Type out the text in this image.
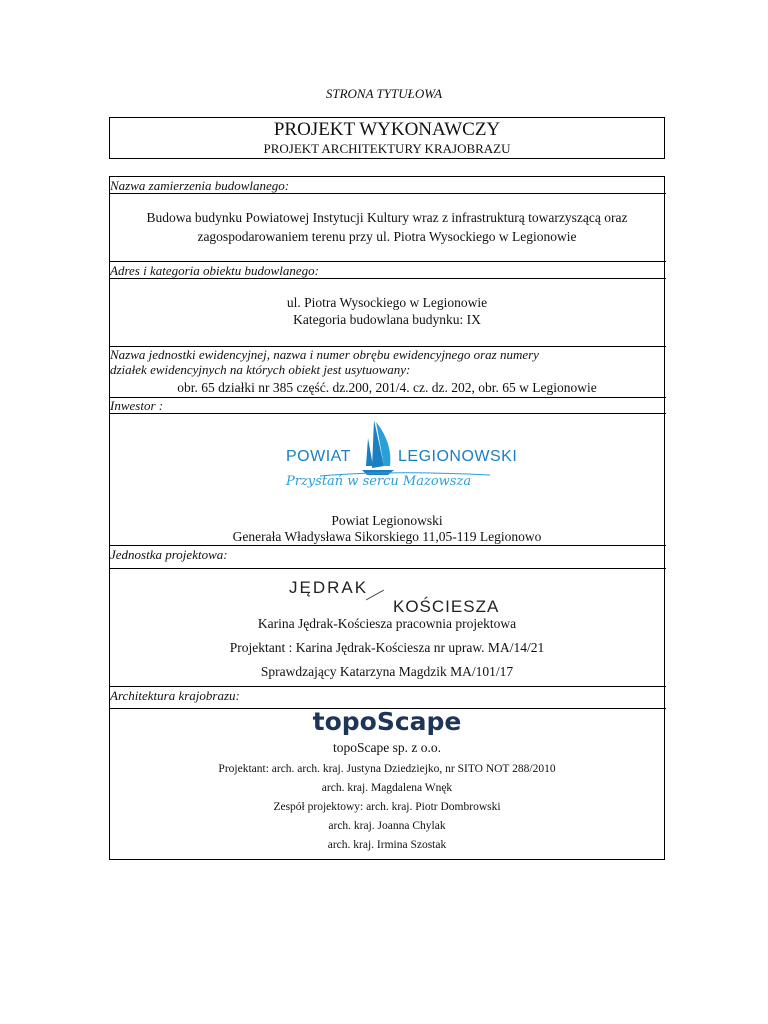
STRONA TYTUŁOWA
PROJEKT WYKONAWCZY
PROJEKT ARCHITEKTURY KRAJOBRAZU
Nazwa zamierzenia budowlanego:
Budowa budynku Powiatowej Instytucji Kultury wraz z infrastrukturą towarzyszącą oraz
zagospodarowaniem terenu przy ul. Piotra Wysockiego w Legionowie
Adres i kategoria obiektu budowlanego:
ul. Piotra Wysockiego w Legionowie
Kategoria budowlana budynku: IX
Nazwa jednostki ewidencyjnej, nazwa i numer obrębu ewidencyjnego oraz numery
działek ewidencyjnych na których obiekt jest usytuowany:
obr. 65 działki nr 385 część. dz.200, 201/4. cz. dz. 202, obr. 65 w Legionowie
Inwestor :
POWIAT	LEGIONOWSKI
Przystań w sercu Mazowsza
Powiat Legionowski
Generała Władysława Sikorskiego 11,05-119 Legionowo
Jednostka projektowa:
JĘDRAK
KOŚCIESZA
Karina Jędrak-Kościesza pracownia projektowa
Projektant : Karina Jędrak-Kościesza nr upraw. MA/14/21
Sprawdzający Katarzyna Magdzik MA/101/17
Architektura krajobrazu:
topoScape
topoScape sp. z o.o.
Projektant: arch. arch. kraj. Justyna Dziedziejko, nr SITO NOT 288/2010
arch. kraj. Magdalena Wnęk
Zespół projektowy: arch. kraj. Piotr Dombrowski
arch. kraj. Joanna Chylak
arch. kraj. Irmina Szostak
